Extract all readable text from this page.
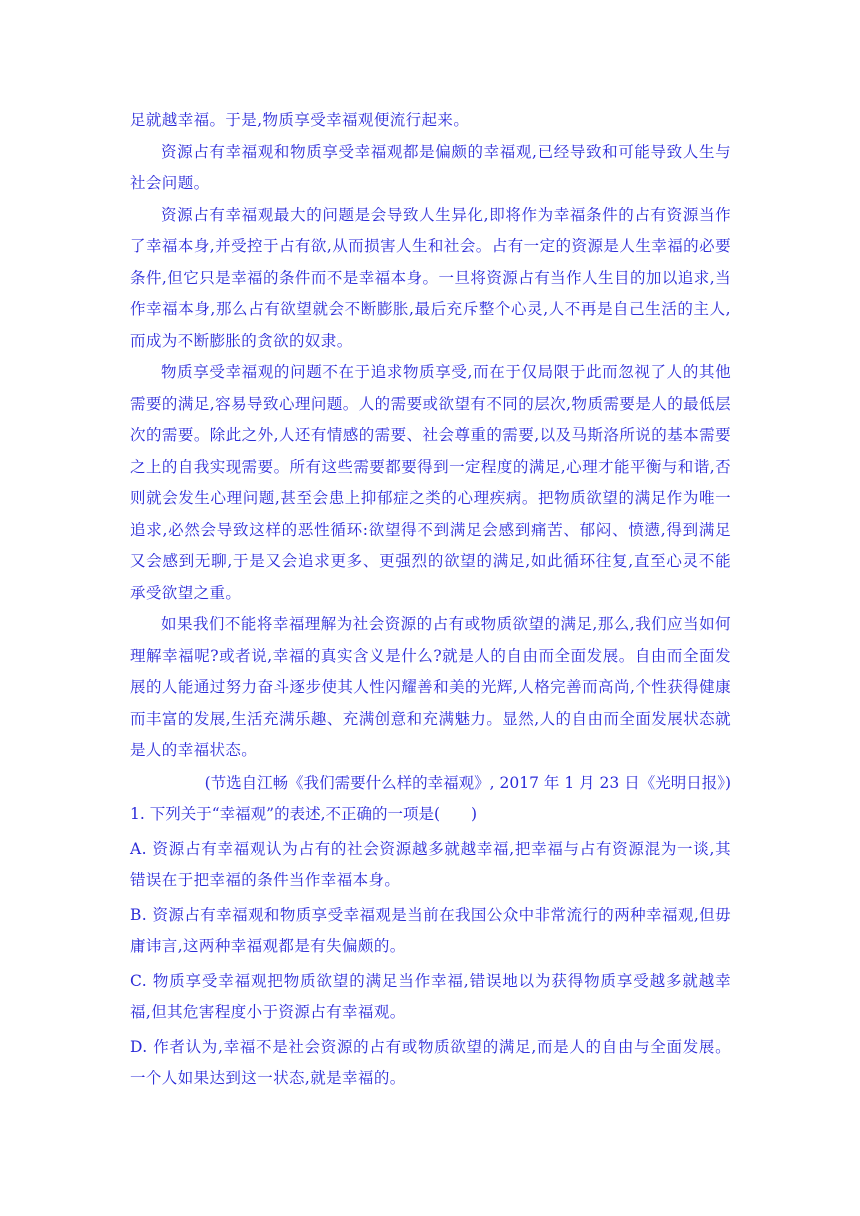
足就越幸福。于是,物质享受幸福观便流行起来。

资源占有幸福观和物质享受幸福观都是偏颇的幸福观,已经导致和可能导致人生与社会问题。

资源占有幸福观最大的问题是会导致人生异化,即将作为幸福条件的占有资源当作了幸福本身,并受控于占有欲,从而损害人生和社会。占有一定的资源是人生幸福的必要条件,但它只是幸福的条件而不是幸福本身。一旦将资源占有当作人生目的加以追求,当作幸福本身,那么占有欲望就会不断膨胀,最后充斥整个心灵,人不再是自己生活的主人,而成为不断膨胀的贪欲的奴隶。

物质享受幸福观的问题不在于追求物质享受,而在于仅局限于此而忽视了人的其他需要的满足,容易导致心理问题。人的需要或欲望有不同的层次,物质需要是人的最低层次的需要。除此之外,人还有情感的需要、社会尊重的需要,以及马斯洛所说的基本需要之上的自我实现需要。所有这些需要都要得到一定程度的满足,心理才能平衡与和谐,否则就会发生心理问题,甚至会患上抑郁症之类的心理疾病。把物质欲望的满足作为唯一追求,必然会导致这样的恶性循环:欲望得不到满足会感到痛苦、郁闷、愤懑,得到满足又会感到无聊,于是又会追求更多、更强烈的欲望的满足,如此循环往复,直至心灵不能承受欲望之重。

如果我们不能将幸福理解为社会资源的占有或物质欲望的满足,那么,我们应当如何理解幸福呢?或者说,幸福的真实含义是什么?就是人的自由而全面发展。自由而全面发展的人能通过努力奋斗逐步使其人性闪耀善和美的光辉,人格完善而高尚,个性获得健康而丰富的发展,生活充满乐趣、充满创意和充满魅力。显然,人的自由而全面发展状态就是人的幸福状态。

(节选自江畅《我们需要什么样的幸福观》, 2017 年 1 月 23 日《光明日报》)

1. 下列关于“幸福观”的表述,不正确的一项是(　　)

A. 资源占有幸福观认为占有的社会资源越多就越幸福,把幸福与占有资源混为一谈,其错误在于把幸福的条件当作幸福本身。

B. 资源占有幸福观和物质享受幸福观是当前在我国公众中非常流行的两种幸福观,但毋庸讳言,这两种幸福观都是有失偏颇的。

C. 物质享受幸福观把物质欲望的满足当作幸福,错误地以为获得物质享受越多就越幸福,但其危害程度小于资源占有幸福观。

D. 作者认为,幸福不是社会资源的占有或物质欲望的满足,而是人的自由与全面发展。一个人如果达到这一状态,就是幸福的。
